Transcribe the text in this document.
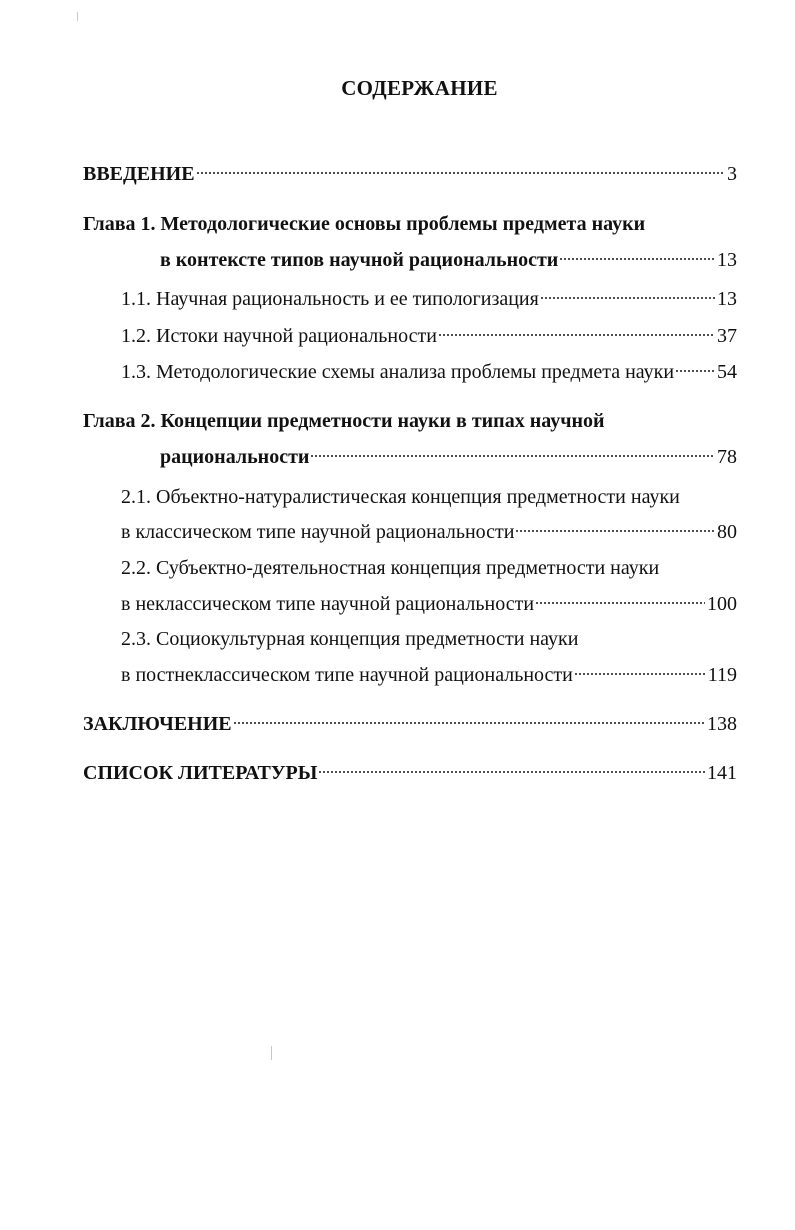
СОДЕРЖАНИЕ
ВВЕДЕНИЕ	3
Глава 1. Методологические основы проблемы предмета науки
в контексте типов научной рациональности	13
1.1. Научная рациональность и ее типологизация	13
1.2. Истоки научной рациональности	37
1.3. Методологические схемы анализа проблемы предмета науки 54
Глава 2. Концепции предметности науки в типах научной
рациональности	78
2.1. Объектно-натуралистическая концепция предметности науки
в классическом типе научной рациональности	80
2.2. Субъектно-деятельностная концепция предметности науки
в неклассическом типе научной рациональности	100
2.3. Социокультурная концепция предметности науки
в постнеклассическом типе научной рациональности	119
ЗАКЛЮЧЕНИЕ	138
СПИСОК ЛИТЕРАТУРЫ	141
